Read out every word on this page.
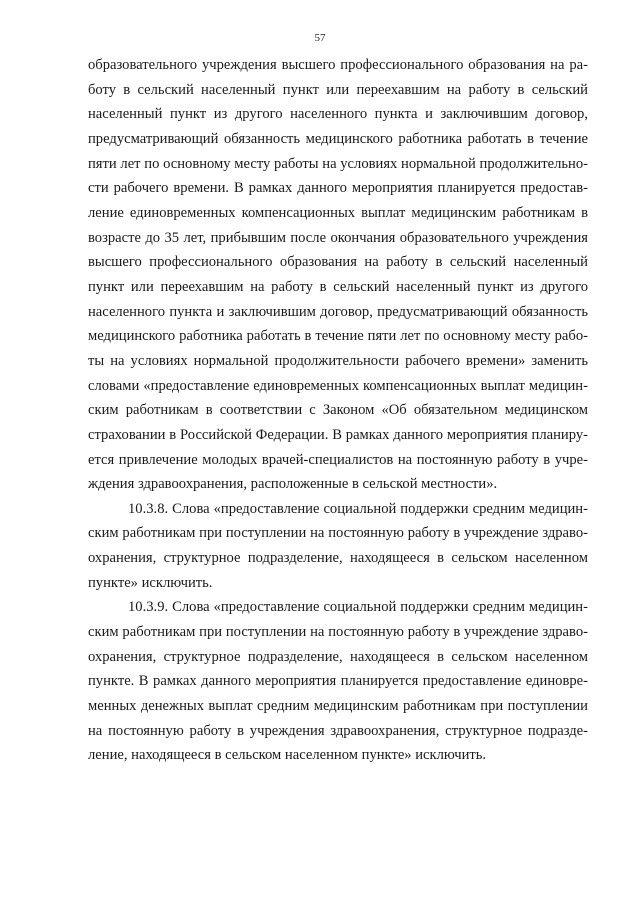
57

образовательного учреждения высшего профессионального образования на работу в сельский населенный пункт или переехавшим на работу в сельский населенный пункт из другого населенного пункта и заключившим договор, предусматривающий обязанность медицинского работника работать в течение пяти лет по основному месту работы на условиях нормальной продолжительности рабочего времени. В рамках данного мероприятия планируется предоставление единовременных компенсационных выплат медицинским работникам в возрасте до 35 лет, прибывшим после окончания образовательного учреждения высшего профессионального образования на работу в сельский населенный пункт или переехавшим на работу в сельский населенный пункт из другого населенного пункта и заключившим договор, предусматривающий обязанность медицинского работника работать в течение пяти лет по основному месту работы на условиях нормальной продолжительности рабочего времени» заменить словами «предоставление единовременных компенсационных выплат медицинским работникам в соответствии с Законом «Об обязательном медицинском страховании в Российской Федерации. В рамках данного мероприятия планируется привлечение молодых врачей-специалистов на постоянную работу в учреждения здравоохранения, расположенные в сельской местности».

10.3.8. Слова «предоставление социальной поддержки средним медицинским работникам при поступлении на постоянную работу в учреждение здравоохранения, структурное подразделение, находящееся в сельском населенном пункте» исключить.

10.3.9. Слова «предоставление социальной поддержки средним медицинским работникам при поступлении на постоянную работу в учреждение здравоохранения, структурное подразделение, находящееся в сельском населенном пункте. В рамках данного мероприятия планируется предоставление единовременных денежных выплат средним медицинским работникам при поступлении на постоянную работу в учреждения здравоохранения, структурное подразделение, находящееся в сельском населенном пункте» исключить.
